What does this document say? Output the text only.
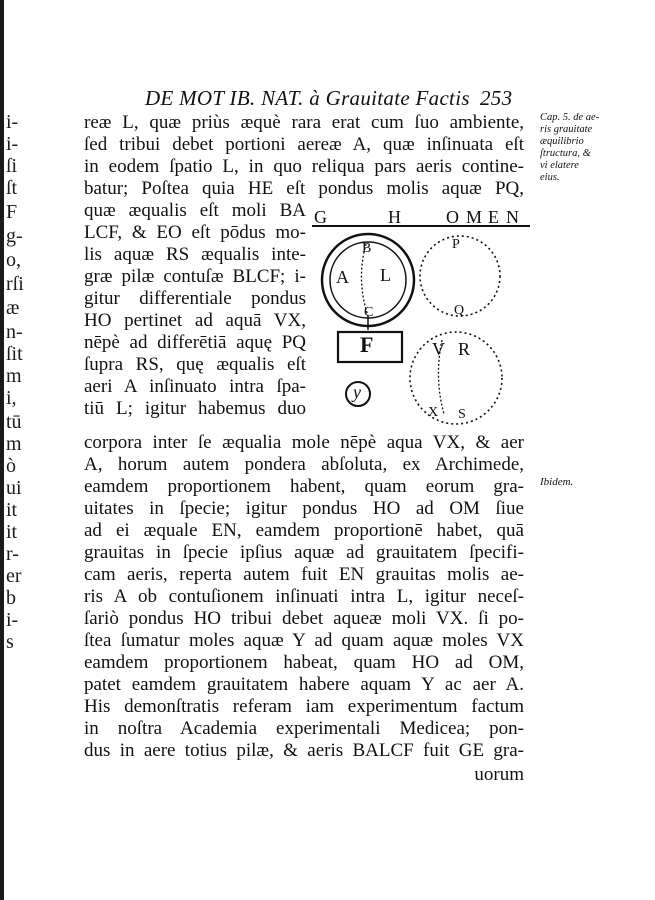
i-
i-
ſi
ſt
F
g-
o,
rſi
æ
n-
ſit
m
i,
tū
m
ò
ui
it
it
r-
er
b
i-
s
DE MOT IB. NAT. à Grauitate Factis 253
reæ L, quæ priùs æquè rara erat cum ſuo ambiente,
ſed tribui debet portioni aereæ A, quæ inſinuata eſt
in eodem ſpatio L, in quo reliqua pars aeris contine-
batur; Poſtea quia HE eſt pondus molis aquæ PQ,
quæ æqualis eſt moli BA
LCF, & EO eſt pōdus mo-
lis aquæ RS æqualis inte-
græ pilæ contuſæ BLCF; i-
gitur differentiale pondus
HO pertinet ad aquā VX,
nēpè ad differētiā aquę PQ
ſupra RS, quę æqualis eſt
aeri A inſinuato intra ſpa-
tiū L; igitur habemus duo
corpora inter ſe æqualia mole nēpè aqua VX, & aer
A, horum autem pondera abſoluta, ex Archimede,
eamdem proportionem habent, quam eorum gra-
uitates in ſpecie; igitur pondus HO ad OM ſiue
ad ei æquale EN, eamdem proportionē habet, quā
grauitas in ſpecie ipſius aquæ ad grauitatem ſpecifi-
cam aeris, reperta autem fuit EN grauitas molis ae-
ris A ob contuſionem inſinuati intra L, igitur neceſ-
ſariò pondus HO tribui debet aqueæ moli VX. ſi po-
ſtea ſumatur moles aquæ Y ad quam aquæ moles VX
eamdem proportionem habeat, quam HO ad OM,
patet eamdem grauitatem habere aquam Y ac aer A.
His demonſtratis referam iam experimentum factum
in noſtra Academia experimentali Medicea; pon-
dus in aere totius pilæ, & aeris BALCF fuit GE gra-
uorum
Cap. 5. de ae-
ris grauitate
æquilibrio
ſtructura, &
vi elatere
eius.
Ibidem.
G	H	O M E N
B
A L
C
F
P
Q
V R
X S
y
